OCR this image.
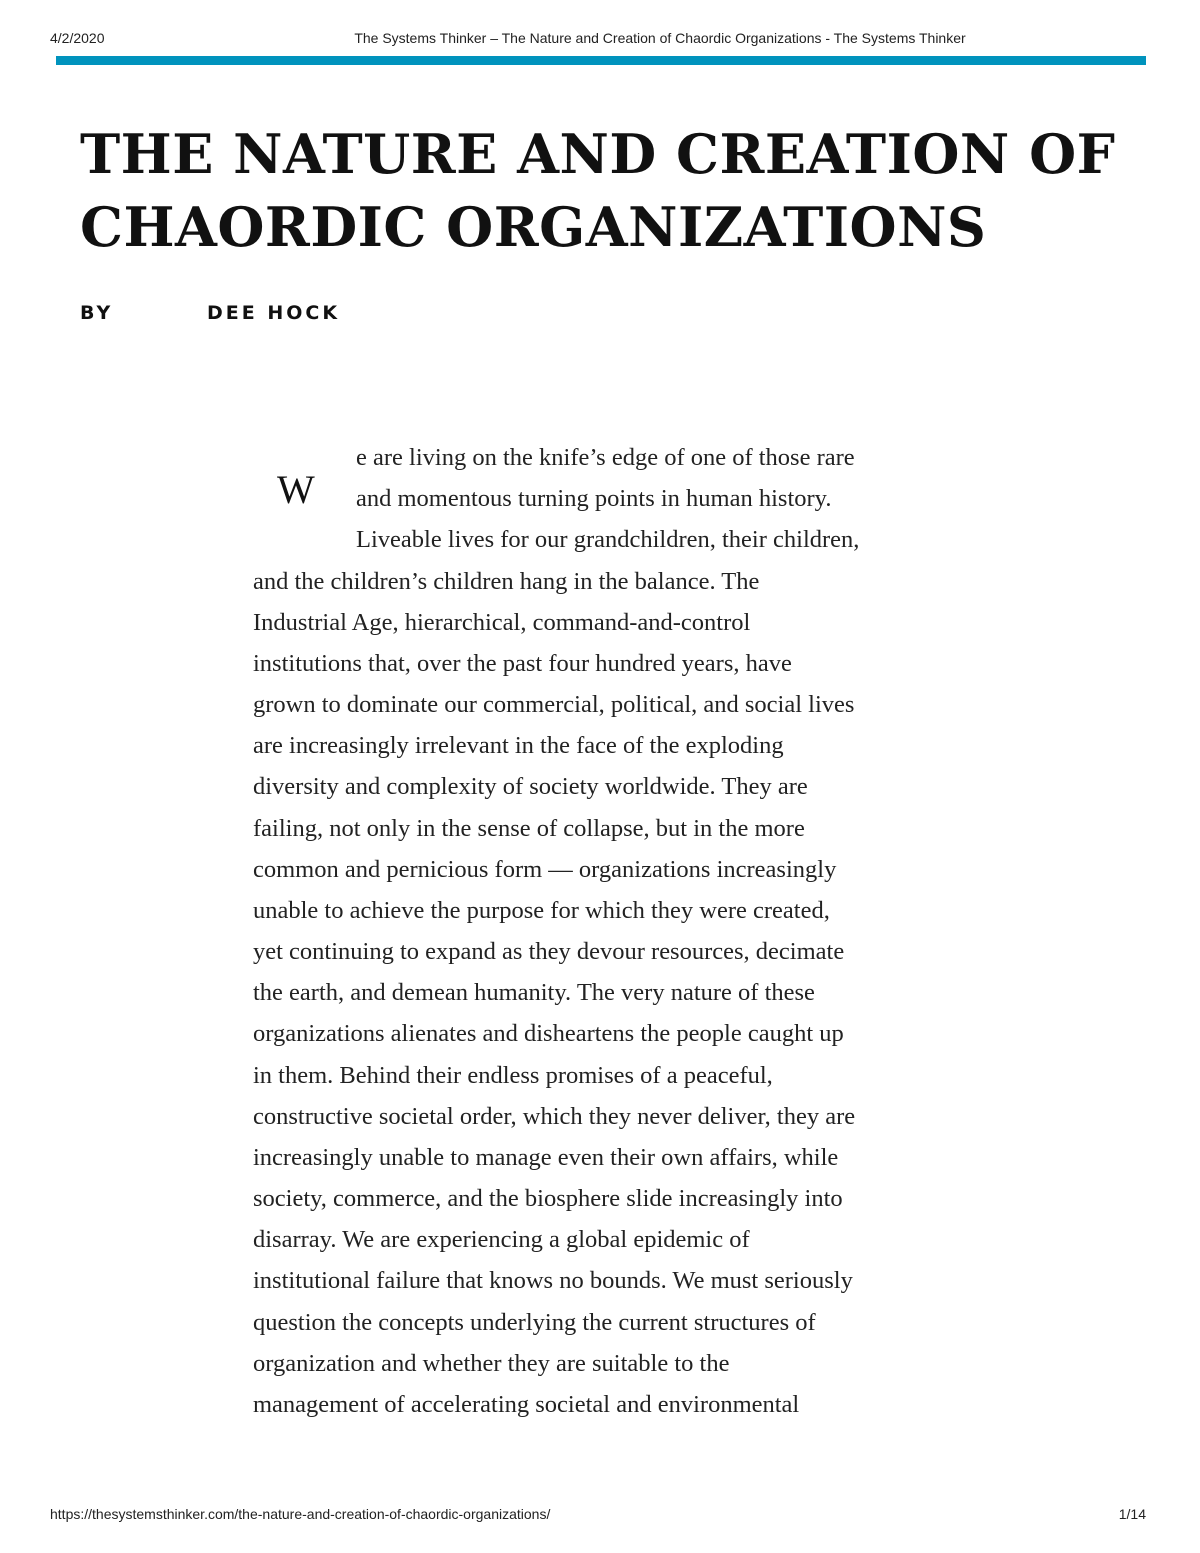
4/2/2020	The Systems Thinker – The Nature and Creation of Chaordic Organizations - The Systems Thinker
THE NATURE AND CREATION OF
CHAORDIC ORGANIZATIONS
BY	DEE HOCK
W
e are living on the knife’s edge of one of those rare
and momentous turning points in human history.
Liveable lives for our grandchildren, their children,
and the children’s children hang in the balance. The
Industrial Age, hierarchical, command-and-control
institutions that, over the past four hundred years, have
grown to dominate our commercial, political, and social lives
are increasingly irrelevant in the face of the exploding
diversity and complexity of society worldwide. They are
failing, not only in the sense of collapse, but in the more
common and pernicious form — organizations increasingly
unable to achieve the purpose for which they were created,
yet continuing to expand as they devour resources, decimate
the earth, and demean humanity. The very nature of these
organizations alienates and disheartens the people caught up
in them. Behind their endless promises of a peaceful,
constructive societal order, which they never deliver, they are
increasingly unable to manage even their own affairs, while
society, commerce, and the biosphere slide increasingly into
disarray. We are experiencing a global epidemic of
institutional failure that knows no bounds. We must seriously
question the concepts underlying the current structures of
organization and whether they are suitable to the
management of accelerating societal and environmental
https://thesystemsthinker.com/the-nature-and-creation-of-chaordic-organizations/	1/14
